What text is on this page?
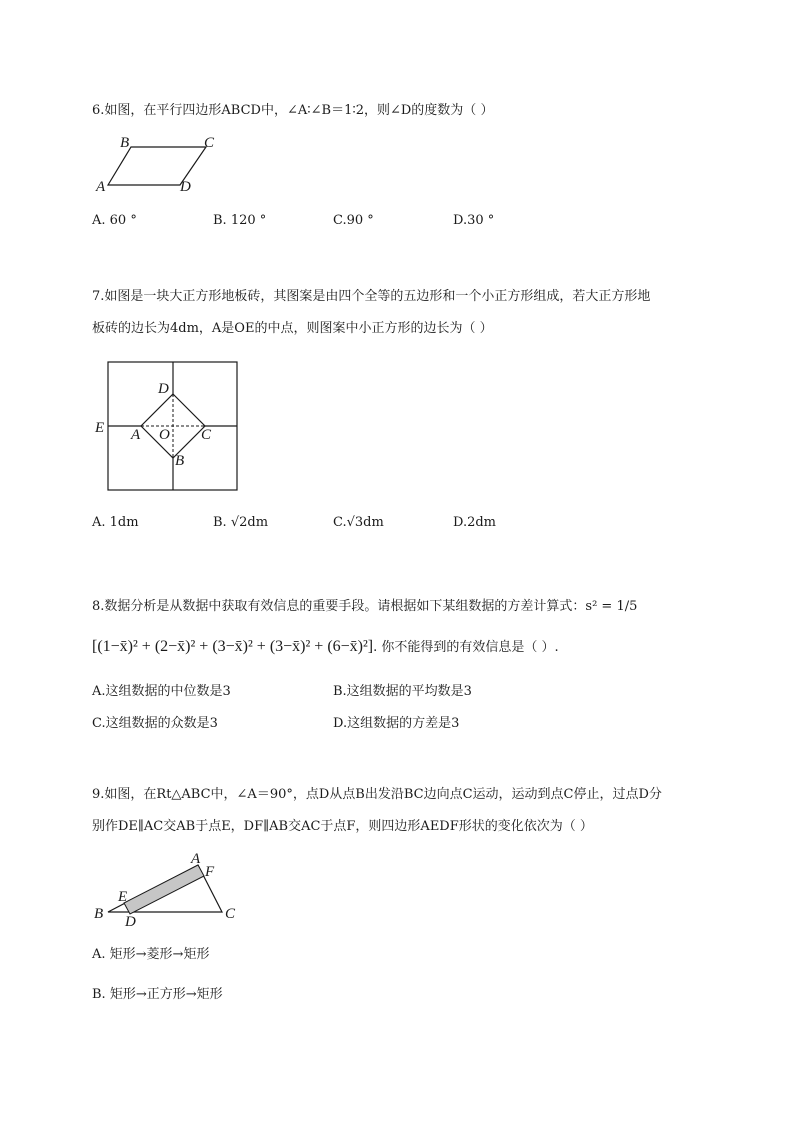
6.如图，在平行四边形ABCD中，∠A∶∠B＝1∶2，则∠D的度数为（ ）
B	C
A	D
A. 60 °	B. 120 °	C.90 °	D.30 °
7.如图是一块大正方形地板砖，其图案是由四个全等的五边形和一个小正方形组成，若大正方形地
板砖的边长为4dm，A是OE的中点，则图案中小正方形的边长为（ ）
D
E A O C
B
A. 1dm	B. √2dm	C.√3dm	D.2dm
8.数据分析是从数据中获取有效信息的重要手段。请根据如下某组数据的方差计算式：s² = 1/5
[(1−x̄)² + (2−x̄)² + (3−x̄)² + (3−x̄)² + (6−x̄)²]. 你不能得到的有效信息是（ ）.
A.这组数据的中位数是3	B.这组数据的平均数是3
C.这组数据的众数是3	D.这组数据的方差是3
9.如图，在Rt△ABC中，∠A＝90°，点D从点B出发沿BC边向点C运动，运动到点C停止，过点D分
别作DE∥AC交AB于点E，DF∥AB交AC于点F，则四边形AEDF形状的变化依次为（ ）
A
F
E
B D	C
A. 矩形→菱形→矩形
B. 矩形→正方形→矩形
